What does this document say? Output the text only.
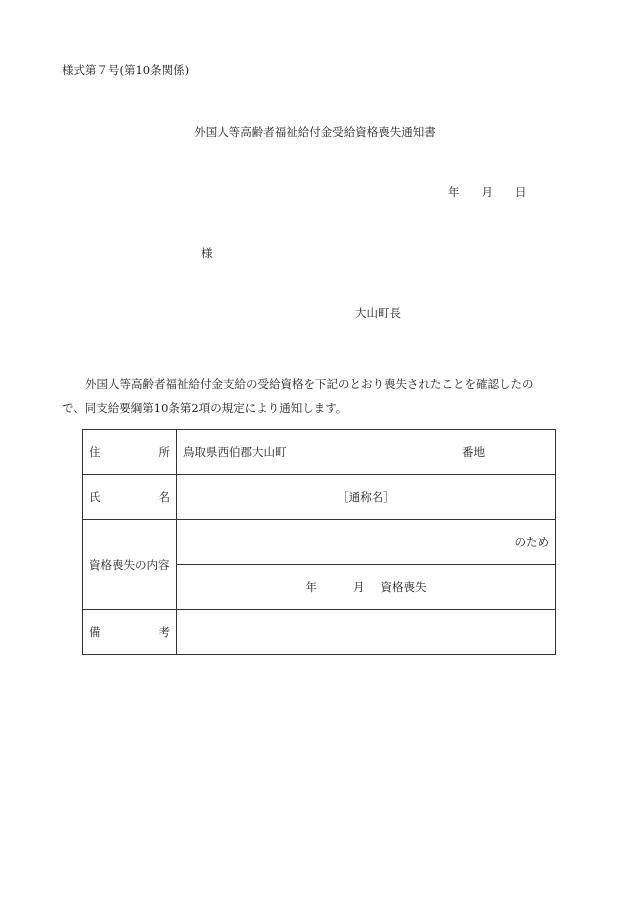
様式第７号(第10条関係)
外国人等高齢者福祉給付金受給資格喪失通知書
年 月 日
様
大山町長
外国人等高齢者福祉給付金支給の受給資格を下記のとおり喪失されたことを確認したので、同支給要綱第10条第2項の規定により通知します。
住 所	鳥取県西伯郡大山町 番地

氏 名	［通称名］
資格喪失の内容	のため
	年 月 資格喪失

備 考	
